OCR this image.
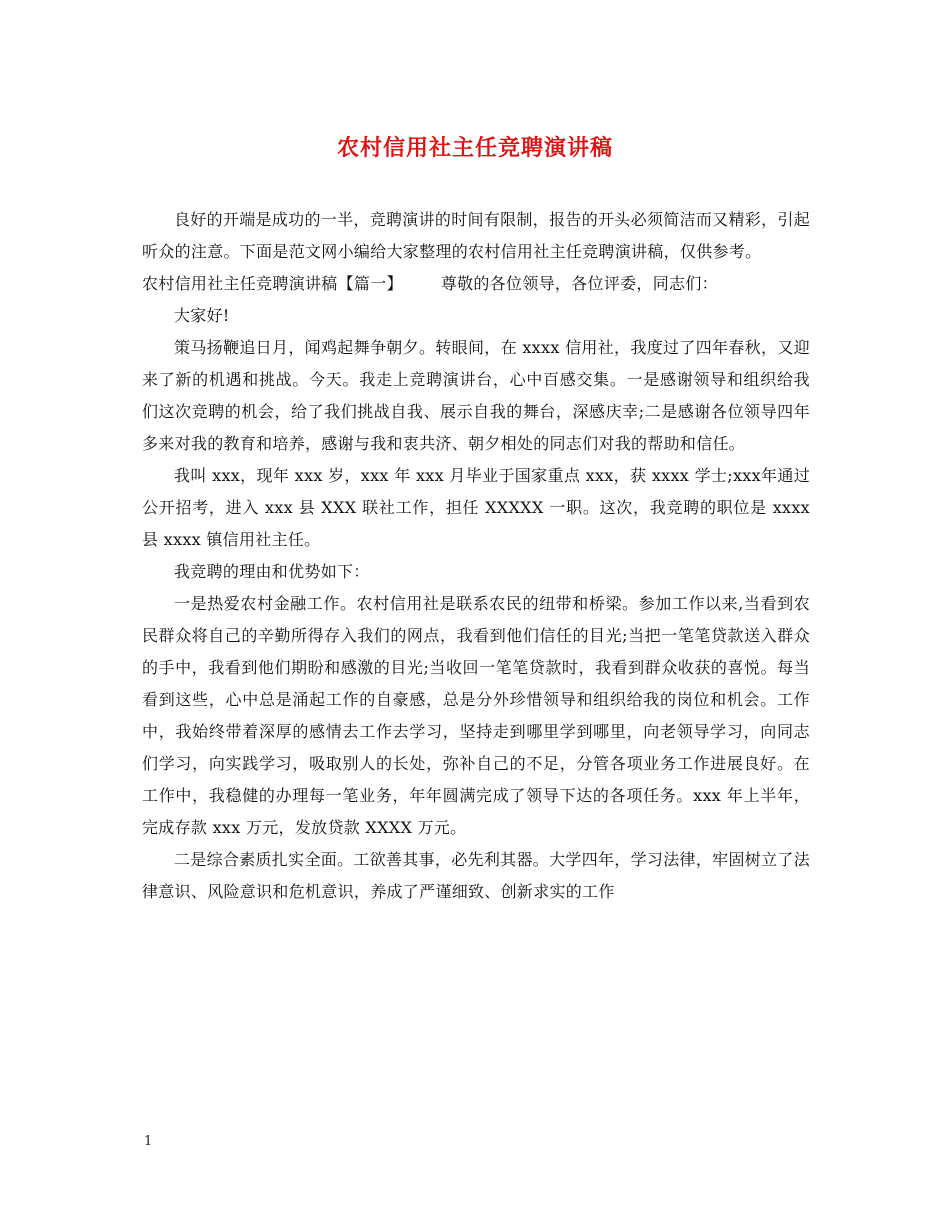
农村信用社主任竞聘演讲稿

良好的开端是成功的一半，竞聘演讲的时间有限制，报告的开头必须简洁而又精彩，引起听众的注意。下面是范文网小编给大家整理的农村信用社主任竞聘演讲稿，仅供参考。

农村信用社主任竞聘演讲稿【篇一】 尊敬的各位领导，各位评委，同志们：

大家好!

策马扬鞭追日月，闻鸡起舞争朝夕。转眼间，在 xxxx 信用社，我度过了四年春秋，又迎来了新的机遇和挑战。今天。我走上竞聘演讲台，心中百感交集。一是感谢领导和组织给我们这次竞聘的机会，给了我们挑战自我、展示自我的舞台，深感庆幸;二是感谢各位领导四年多来对我的教育和培养，感谢与我和衷共济、朝夕相处的同志们对我的帮助和信任。

我叫 xxx，现年 xxx 岁，xxx 年 xxx 月毕业于国家重点 xxx，获 xxxx 学士;xxx年通过公开招考，进入 xxx 县 XXX 联社工作，担任 XXXXX 一职。这次，我竞聘的职位是 xxxx 县 xxxx 镇信用社主任。

我竞聘的理由和优势如下：

一是热爱农村金融工作。农村信用社是联系农民的纽带和桥梁。参加工作以来,当看到农民群众将自己的辛勤所得存入我们的网点，我看到他们信任的目光;当把一笔笔贷款送入群众的手中，我看到他们期盼和感激的目光;当收回一笔笔贷款时，我看到群众收获的喜悦。每当看到这些，心中总是涌起工作的自豪感，总是分外珍惜领导和组织给我的岗位和机会。工作中，我始终带着深厚的感情去工作去学习，坚持走到哪里学到哪里，向老领导学习，向同志们学习，向实践学习，吸取别人的长处，弥补自己的不足，分管各项业务工作进展良好。在工作中，我稳健的办理每一笔业务，年年圆满完成了领导下达的各项任务。xxx 年上半年，完成存款 xxx 万元，发放贷款 XXXX 万元。

二是综合素质扎实全面。工欲善其事，必先利其器。大学四年，学习法律，牢固树立了法律意识、风险意识和危机意识，养成了严谨细致、创新求实的工作

1
